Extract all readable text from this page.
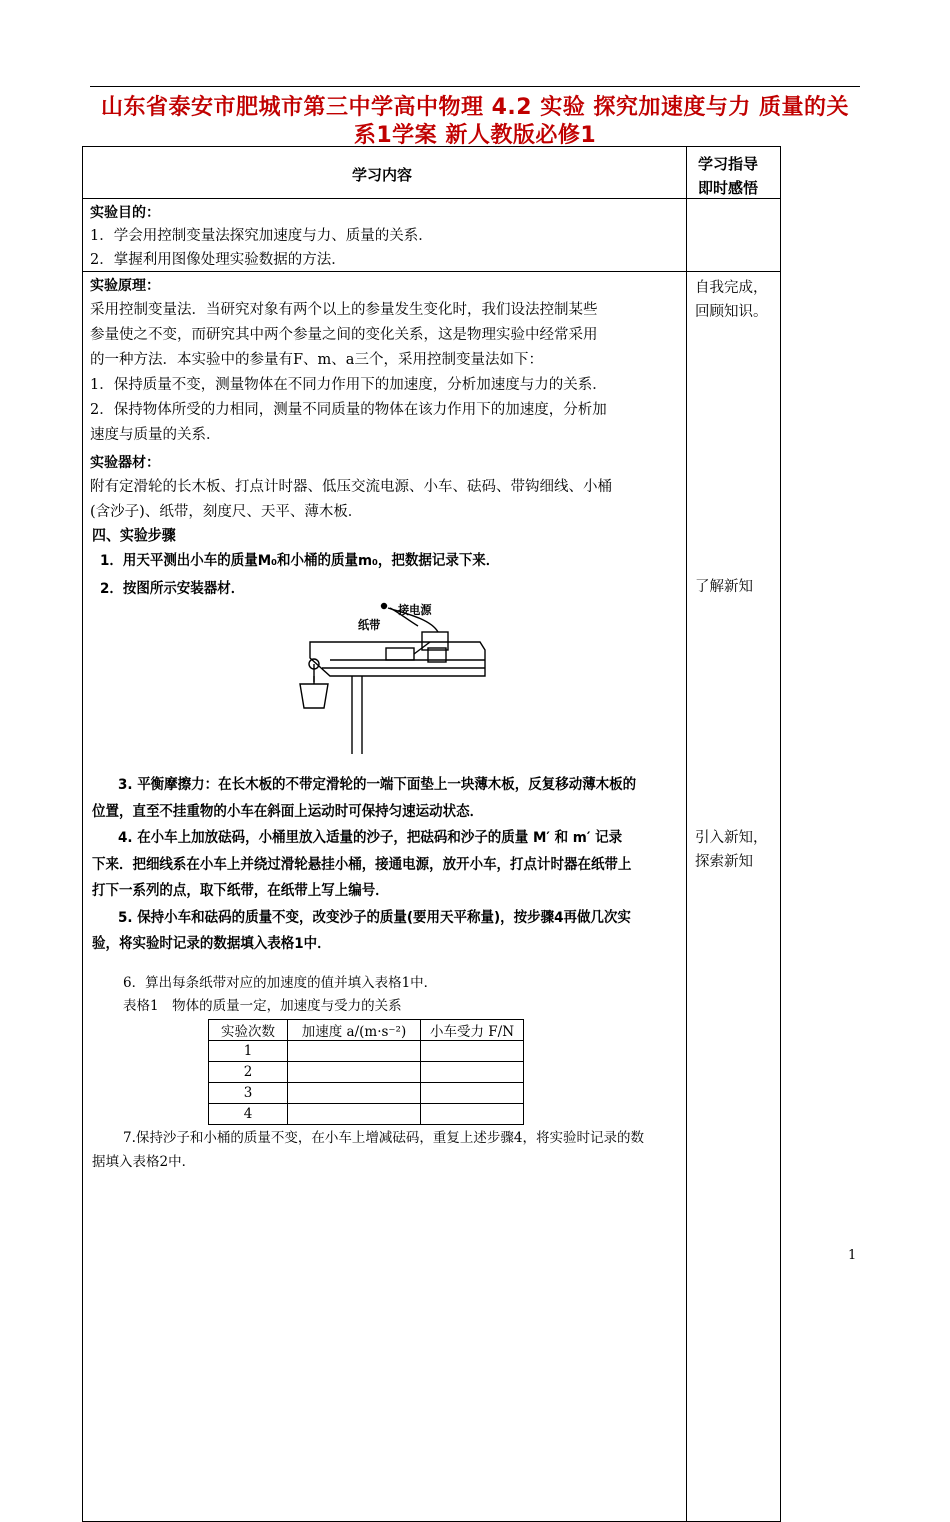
山东省泰安市肥城市第三中学高中物理 4.2 实验 探究加速度与力 质量的关
系1学案 新人教版必修1
学习内容
学习指导
即时感悟
实验目的：
1．学会用控制变量法探究加速度与力、质量的关系．
2．掌握利用图像处理实验数据的方法．
实验原理：
采用控制变量法．当研究对象有两个以上的参量发生变化时，我们设法控制某些
参量使之不变，而研究其中两个参量之间的变化关系，这是物理实验中经常采用
的一种方法．本实验中的参量有F、m、a三个，采用控制变量法如下：
1．保持质量不变，测量物体在不同力作用下的加速度，分析加速度与力的关系．
2．保持物体所受的力相同，测量不同质量的物体在该力作用下的加速度，分析加
速度与质量的关系．
实验器材：
附有定滑轮的长木板、打点计时器、低压交流电源、小车、砝码、带钩细线、小桶
(含沙子)、纸带，刻度尺、天平、薄木板．
四、实验步骤
1．用天平测出小车的质量M₀和小桶的质量m₀，把数据记录下来．
2．按图所示安装器材．
接电源
纸带
3. 平衡摩擦力：在长木板的不带定滑轮的一端下面垫上一块薄木板，反复移动薄木板的
位置，直至不挂重物的小车在斜面上运动时可保持匀速运动状态．
4. 在小车上加放砝码，小桶里放入适量的沙子，把砝码和沙子的质量 M′ 和 m′ 记录
下来．把细线系在小车上并绕过滑轮悬挂小桶，接通电源，放开小车，打点计时器在纸带上
打下一系列的点，取下纸带，在纸带上写上编号．
5. 保持小车和砝码的质量不变，改变沙子的质量(要用天平称量)，按步骤4再做几次实
验，将实验时记录的数据填入表格1中．
6．算出每条纸带对应的加速度的值并填入表格1中．
表格1　物体的质量一定，加速度与受力的关系
实验次数	加速度 a/(m·s⁻²)	小车受力 F/N
1		
2		
3		
4		
7.保持沙子和小桶的质量不变，在小车上增减砝码，重复上述步骤4，将实验时记录的数
据填入表格2中．
自我完成，
回顾知识。
了解新知
引入新知，
探索新知
1
